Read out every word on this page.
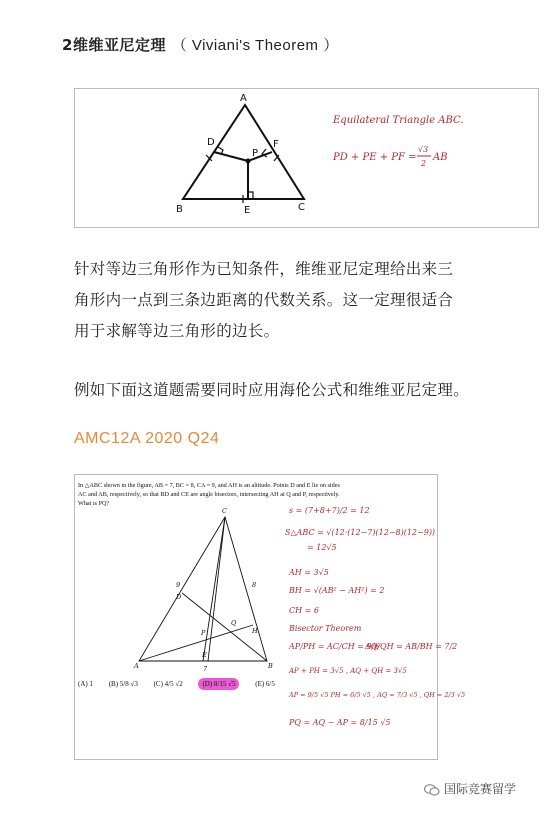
2维维亚尼定理 （ Viviani's Theorem ）
A
B	C
D
E
F
P
Equilateral Triangle ABC.
PD + PE + PF =
√3
2
AB
针对等边三角形作为已知条件，维维亚尼定理给出来三
角形内一点到三条边距离的代数关系。这一定理很适合
用于求解等边三角形的边长。
例如下面这道题需要同时应用海伦公式和维维亚尼定理。
AMC12A 2020 Q24
s = (7+8+7)/2 = 12
S△ABC = √(12·(12−7)(12−8)(12−9))
= 12√5
AH = 3√5
BH = √(AB² − AH²) = 2
CH = 6
Bisector Theorem
AP/PH = AC/CH = 9/6
AQ/QH = AB/BH = 7/2
AP + PH = 3√5 , AQ + QH = 3√5
AP = 9/5 √5 PH = 6/5 √5 , AQ = 7/3 √5 , QH = 2/3 √5
PQ = AQ − AP = 8/15 √5
C
A	B
D
E
H
P
Q
9	8
7
In △ABC shown in the figure, AB = 7, BC = 8, CA = 9, and AH is an altitude. Points D and E lie on sides AC and AB, respectively, so that BD and CE are angle bisectors, intersecting AH at Q and P, respectively. What is PQ?
(A) 1 (B) 5/8 √3 (C) 4/5 √2	(D) 8/15 √5	(E) 6/5
国际竞赛留学
